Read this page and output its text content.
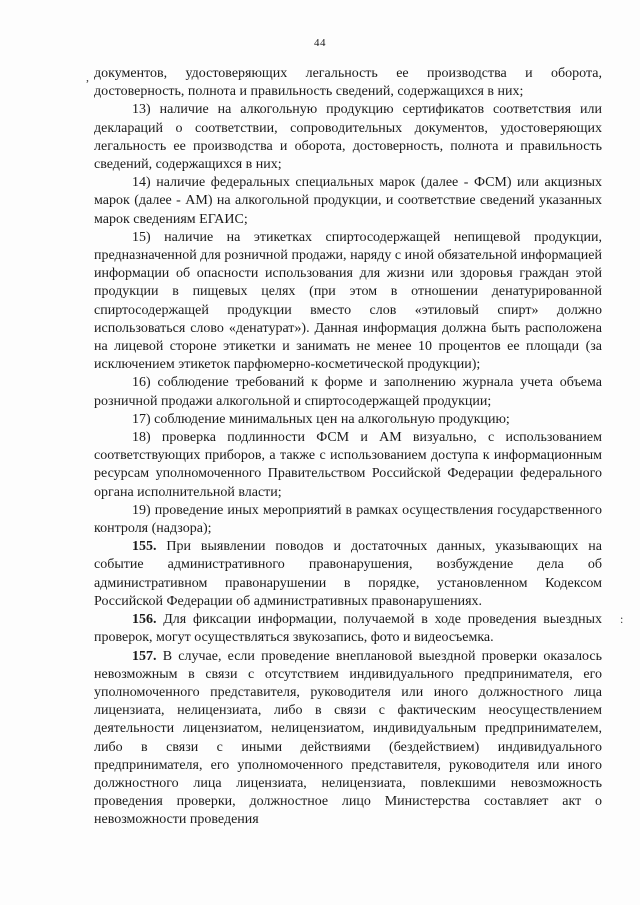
44
,
:

документов, удостоверяющих легальность ее производства и оборота, достоверность, полнота и правильность сведений, содержащихся в них;

13) наличие на алкогольную продукцию сертификатов соответствия или деклараций о соответствии, сопроводительных документов, удостоверяющих легальность ее производства и оборота, достоверность, полнота и правильность сведений, содержащихся в них;

14) наличие федеральных специальных марок (далее - ФСМ) или акцизных марок (далее - АМ) на алкогольной продукции, и соответствие сведений указанных марок сведениям ЕГАИС;

15) наличие на этикетках спиртосодержащей непищевой продукции, предназначенной для розничной продажи, наряду с иной обязательной информацией информации об опасности использования для жизни или здоровья граждан этой продукции в пищевых целях (при этом в отношении денатурированной спиртосодержащей продукции вместо слов «этиловый спирт» должно использоваться слово «денатурат»). Данная информация должна быть расположена на лицевой стороне этикетки и занимать не менее 10 процентов ее площади (за исключением этикеток парфюмерно-косметической продукции);

16) соблюдение требований к форме и заполнению журнала учета объема розничной продажи алкогольной и спиртосодержащей продукции;

17) соблюдение минимальных цен на алкогольную продукцию;

18) проверка подлинности ФСМ и АМ визуально, с использованием соответствующих приборов, а также с использованием доступа к информационным ресурсам уполномоченного Правительством Российской Федерации федерального органа исполнительной власти;

19) проведение иных мероприятий в рамках осуществления государственного контроля (надзора);

155. При выявлении поводов и достаточных данных, указывающих на событие административного правонарушения, возбуждение дела об административном правонарушении в порядке, установленном Кодексом Российской Федерации об административных правонарушениях.

156. Для фиксации информации, получаемой в ходе проведения выездных проверок, могут осуществляться звукозапись, фото и видеосъемка.

157. В случае, если проведение внеплановой выездной проверки оказалось невозможным в связи с отсутствием индивидуального предпринимателя, его уполномоченного представителя, руководителя или иного должностного лица лицензиата, нелицензиата, либо в связи с фактическим неосуществлением деятельности лицензиатом, нелицензиатом, индивидуальным предпринимателем, либо в связи с иными действиями (бездействием) индивидуального предпринимателя, его уполномоченного представителя, руководителя или иного должностного лица лицензиата, нелицензиата, повлекшими невозможность проведения проверки, должностное лицо Министерства составляет акт о невозможности проведения
